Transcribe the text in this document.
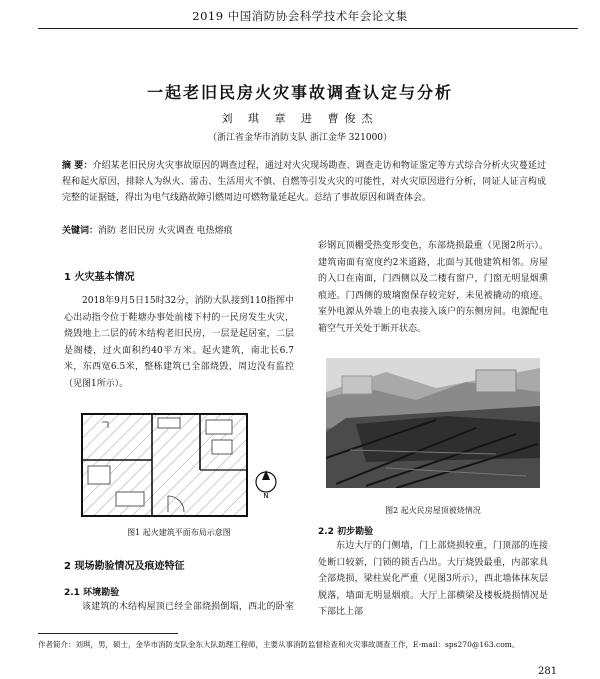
2019 中国消防协会科学技术年会论文集
一起老旧民房火灾事故调查认定与分析
刘 琪 章 进 曹俊杰
（浙江省金华市消防支队 浙江金华 321000）
摘 要：介绍某老旧民房火灾事故原因的调查过程，通过对火灾现场勘查、调查走访和物证鉴定等方式综合分析火灾蔓延过程和起火原因，排除人为纵火、雷击、生活用火不慎、自燃等引发火灾的可能性，对火灾原因进行分析，同证人证言构成完整的证据链，得出为电气线路故障引燃周边可燃物量延起火。总结了事故原因和调查体会。
关键词：消防 老旧民房 火灾调查 电热熔痕
1 火灾基本情况
2018年9月5日15时32分，消防大队接到110指挥中心出动指令位于鞋塘办事处前楼下村的一民房发生火灾，烧毁地上二层的砖木结构老旧民房，一层是起居室，二层是阁楼，过火面积约40平方米。起火建筑，南北长6.7米，东西宽6.5米，整栋建筑已全部烧毁，周边没有监控（见图1所示）。
N
图1 起火建筑平面布局示意图
2 现场勘验情况及痕迹特征
2.1 环境勘验
该建筑的木结构屋顶已经全部烧损倒塌，西北的卧室
彩钢瓦顶棚受热变形变色，东部烧损最重（见图2所示）。建筑南面有宽度约2米道路，北面与其他建筑相邻。房屋的入口在南面，门西侧以及二楼有窗户，门窗无明显烟熏痕迹。门西侧的玻璃窗保存较完好，未见被撬动的痕迹。室外电源从外墙上的电表接入该户的东侧房间。电源配电箱空气开关处于断开状态。
图2 起火民房屋顶被烧情况
2.2 初步勘验
东边大厅的门侧墙，门上部烧损较重，门顶部的连接处断口较新，门锁的锁舌凸出。大厅烧毁最重，内部家具全部烧损，梁柱炭化严重（见图3所示），西北墙体抹灰层脱落，墙面无明显烟痕。大厅上部横梁及楼板烧损情况是下部比上部
作者简介：刘琪，男，硕士，金华市消防支队金东大队助理工程师，主要从事消防监督检查和火灾事故调查工作，E-mail：sps270@163.com。
281
